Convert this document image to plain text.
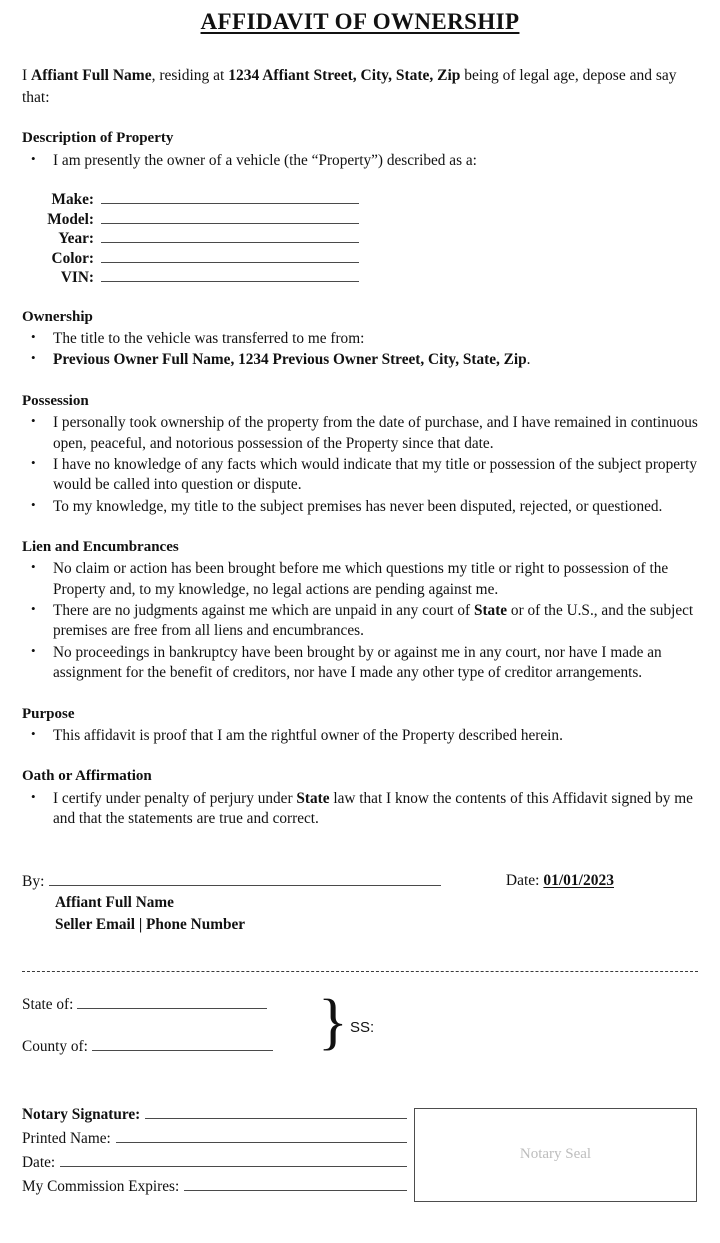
AFFIDAVIT OF OWNERSHIP

I Affiant Full Name, residing at 1234 Affiant Street, City, State, Zip being of legal age, depose and say that:

Description of Property
• I am presently the owner of a vehicle (the “Property”) described as a:
Make:
Model:
Year:
Color:
VIN:
Ownership
• The title to the vehicle was transferred to me from:
• Previous Owner Full Name, 1234 Previous Owner Street, City, State, Zip.
Possession
• I personally took ownership of the property from the date of purchase, and I have remained in continuous open, peaceful, and notorious possession of the Property since that date.
• I have no knowledge of any facts which would indicate that my title or possession of the subject property would be called into question or dispute.
• To my knowledge, my title to the subject premises has never been disputed, rejected, or questioned.
Lien and Encumbrances
• No claim or action has been brought before me which questions my title or right to possession of the Property and, to my knowledge, no legal actions are pending against me.
• There are no judgments against me which are unpaid in any court of State or of the U.S., and the subject premises are free from all liens and encumbrances.
• No proceedings in bankruptcy have been brought by or against me in any court, nor have I made an assignment for the benefit of creditors, nor have I made any other type of creditor arrangements.
Purpose
• This affidavit is proof that I am the rightful owner of the Property described herein.
Oath or Affirmation
• I certify under penalty of perjury under State law that I know the contents of this Affidavit signed by me and that the statements are true and correct.
By:
Affiant Full Name
Seller Email | Phone Number
Date: 01/01/2023
State of:
County of:	} SS:
Notary Signature:
Printed Name:
Date:
My Commission Expires:
Notary Seal
